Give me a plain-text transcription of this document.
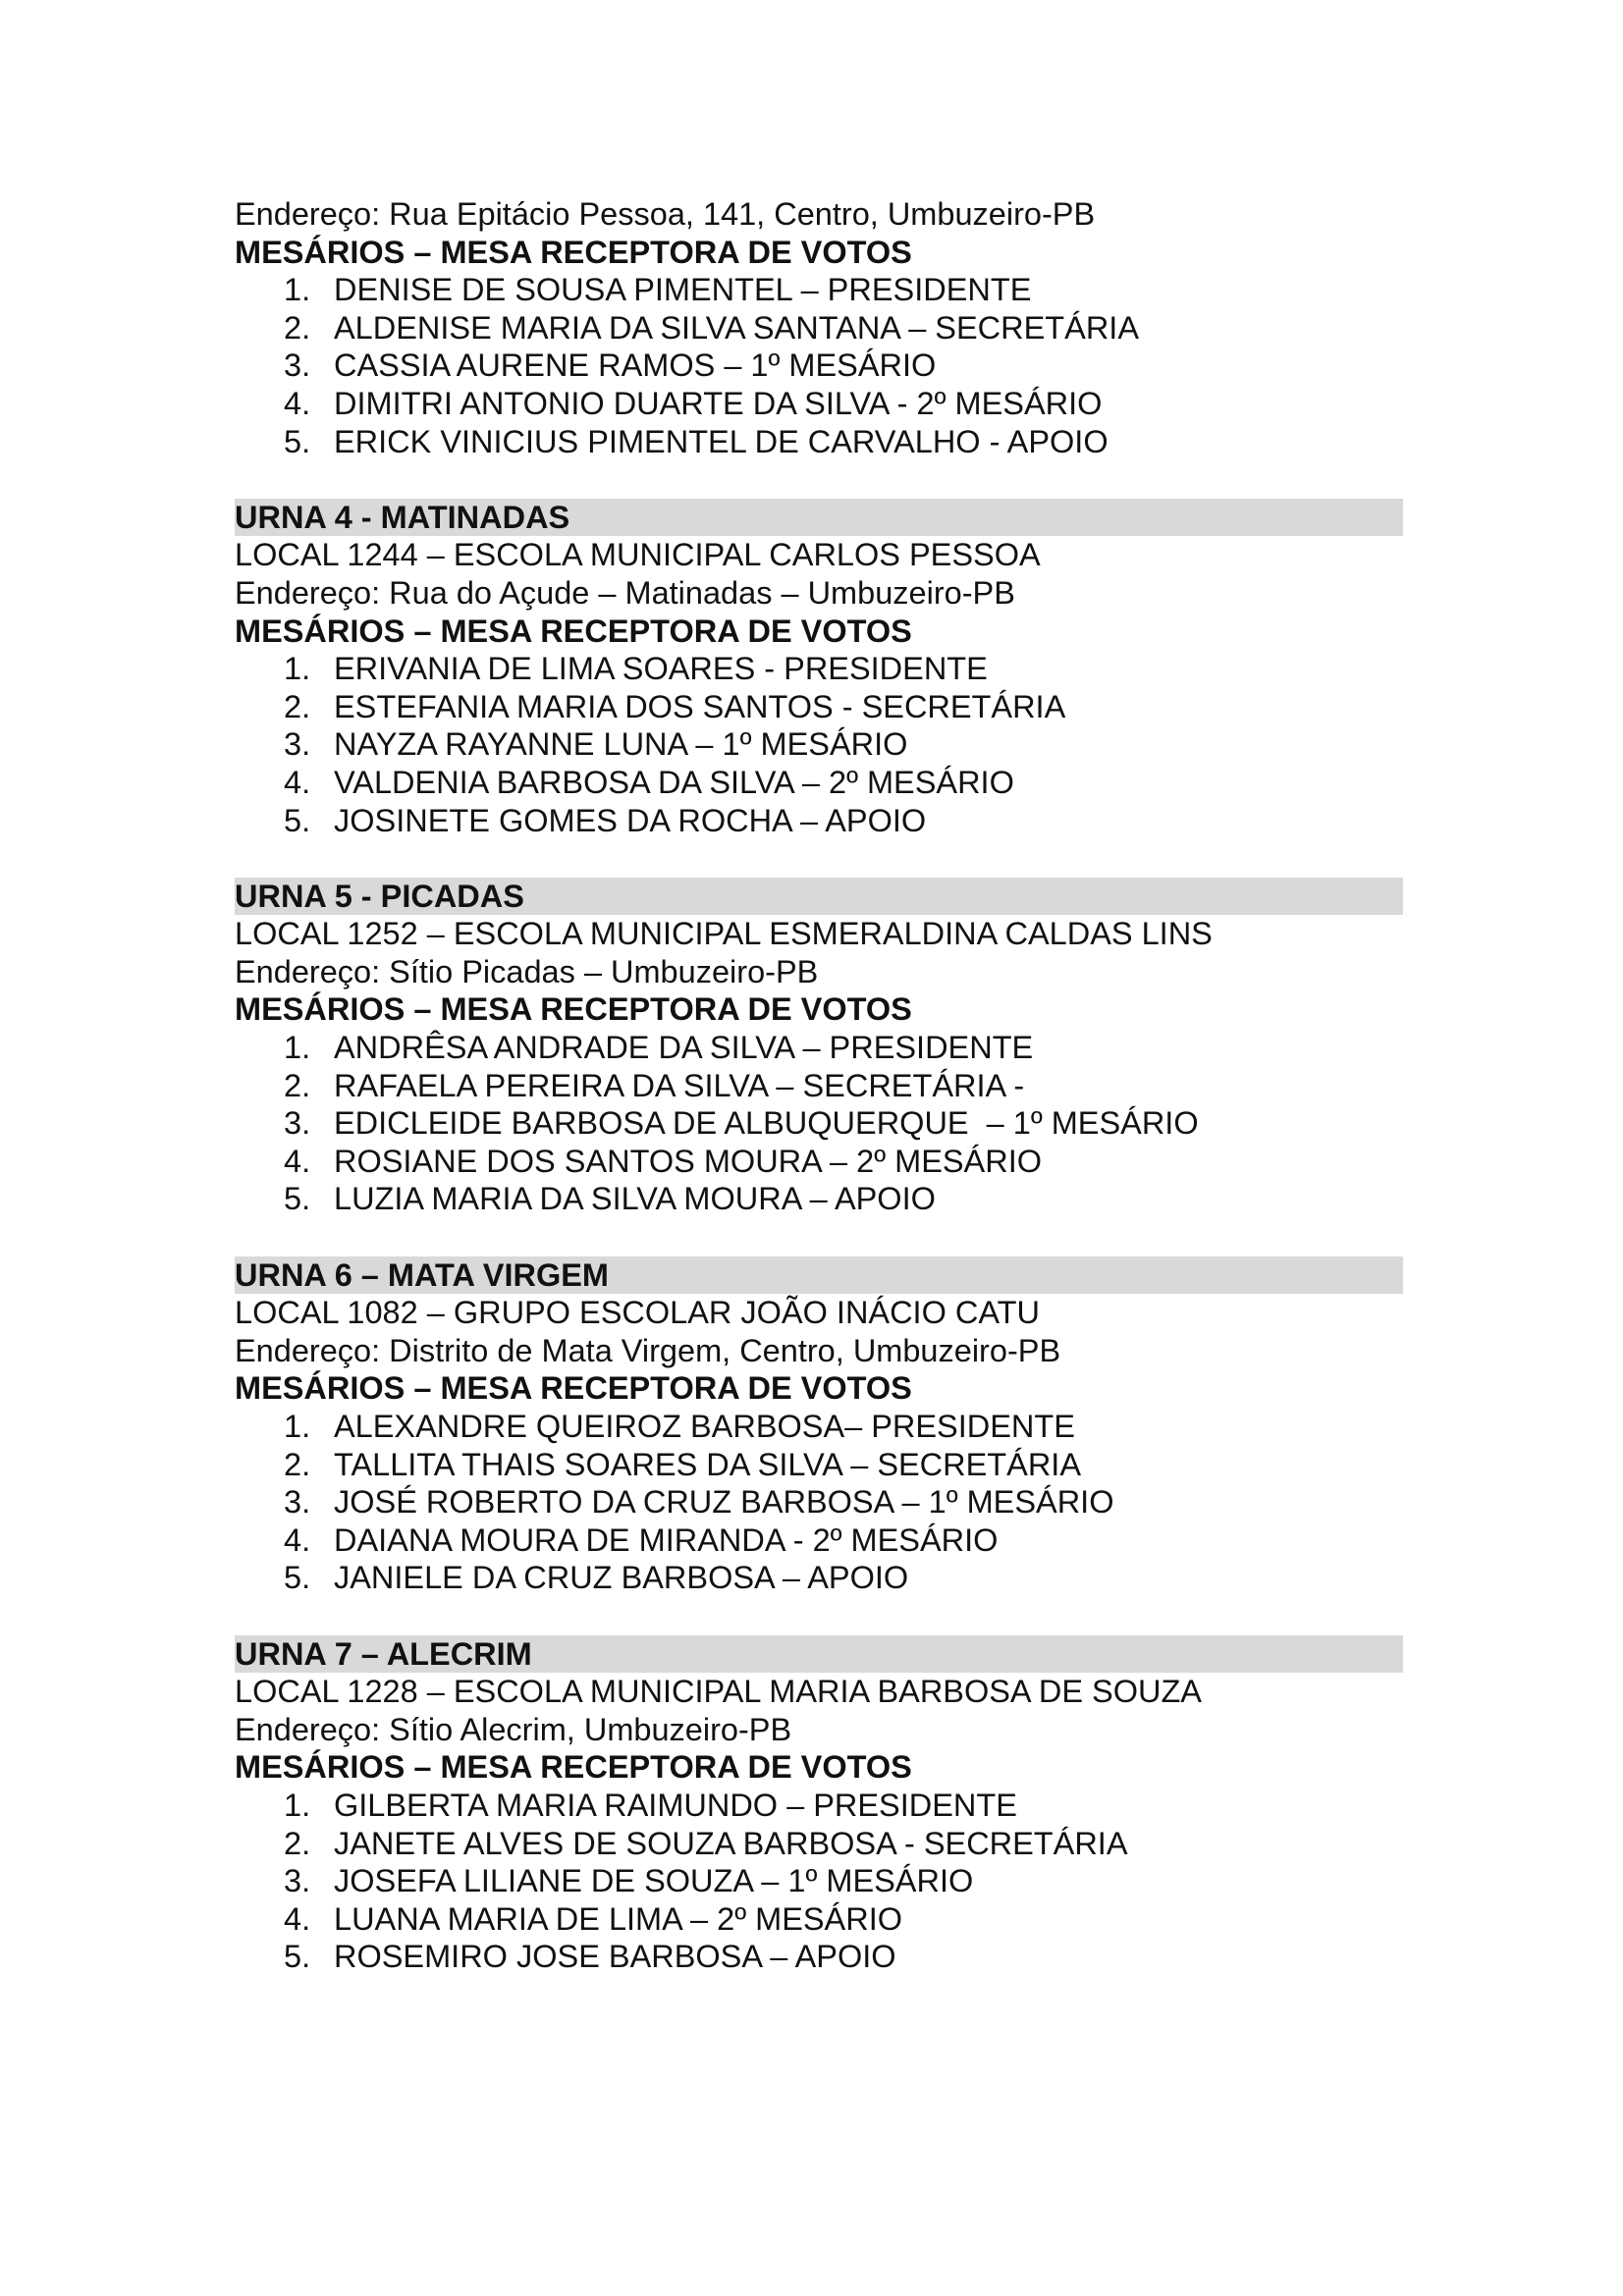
Endereço: Rua Epitácio Pessoa, 141, Centro, Umbuzeiro-PB
MESÁRIOS – MESA RECEPTORA DE VOTOS
1. DENISE DE SOUSA PIMENTEL – PRESIDENTE
2. ALDENISE MARIA DA SILVA SANTANA – SECRETÁRIA
3. CASSIA AURENE RAMOS – 1º MESÁRIO
4. DIMITRI ANTONIO DUARTE DA SILVA - 2º MESÁRIO
5. ERICK VINICIUS PIMENTEL DE CARVALHO - APOIO
URNA 4 - MATINADAS
LOCAL 1244 – ESCOLA MUNICIPAL CARLOS PESSOA
Endereço: Rua do Açude – Matinadas – Umbuzeiro-PB
MESÁRIOS – MESA RECEPTORA DE VOTOS
1. ERIVANIA DE LIMA SOARES - PRESIDENTE
2. ESTEFANIA MARIA DOS SANTOS - SECRETÁRIA
3. NAYZA RAYANNE LUNA – 1º MESÁRIO
4. VALDENIA BARBOSA DA SILVA – 2º MESÁRIO
5. JOSINETE GOMES DA ROCHA – APOIO
URNA 5 - PICADAS
LOCAL 1252 – ESCOLA MUNICIPAL ESMERALDINA CALDAS LINS
Endereço: Sítio Picadas – Umbuzeiro-PB
MESÁRIOS – MESA RECEPTORA DE VOTOS
1. ANDRÊSA ANDRADE DA SILVA – PRESIDENTE
2. RAFAELA PEREIRA DA SILVA – SECRETÁRIA -
3. EDICLEIDE BARBOSA DE ALBUQUERQUE  – 1º MESÁRIO
4. ROSIANE DOS SANTOS MOURA – 2º MESÁRIO
5. LUZIA MARIA DA SILVA MOURA – APOIO
URNA 6 – MATA VIRGEM
LOCAL 1082 – GRUPO ESCOLAR JOÃO INÁCIO CATU
Endereço: Distrito de Mata Virgem, Centro, Umbuzeiro-PB
MESÁRIOS – MESA RECEPTORA DE VOTOS
1. ALEXANDRE QUEIROZ BARBOSA– PRESIDENTE
2. TALLITA THAIS SOARES DA SILVA – SECRETÁRIA
3. JOSÉ ROBERTO DA CRUZ BARBOSA – 1º MESÁRIO
4. DAIANA MOURA DE MIRANDA - 2º MESÁRIO
5. JANIELE DA CRUZ BARBOSA – APOIO
URNA 7 – ALECRIM
LOCAL 1228 – ESCOLA MUNICIPAL MARIA BARBOSA DE SOUZA
Endereço: Sítio Alecrim, Umbuzeiro-PB
MESÁRIOS – MESA RECEPTORA DE VOTOS
1. GILBERTA MARIA RAIMUNDO – PRESIDENTE
2. JANETE ALVES DE SOUZA BARBOSA - SECRETÁRIA
3. JOSEFA LILIANE DE SOUZA – 1º MESÁRIO
4. LUANA MARIA DE LIMA – 2º MESÁRIO
5. ROSEMIRO JOSE BARBOSA – APOIO
